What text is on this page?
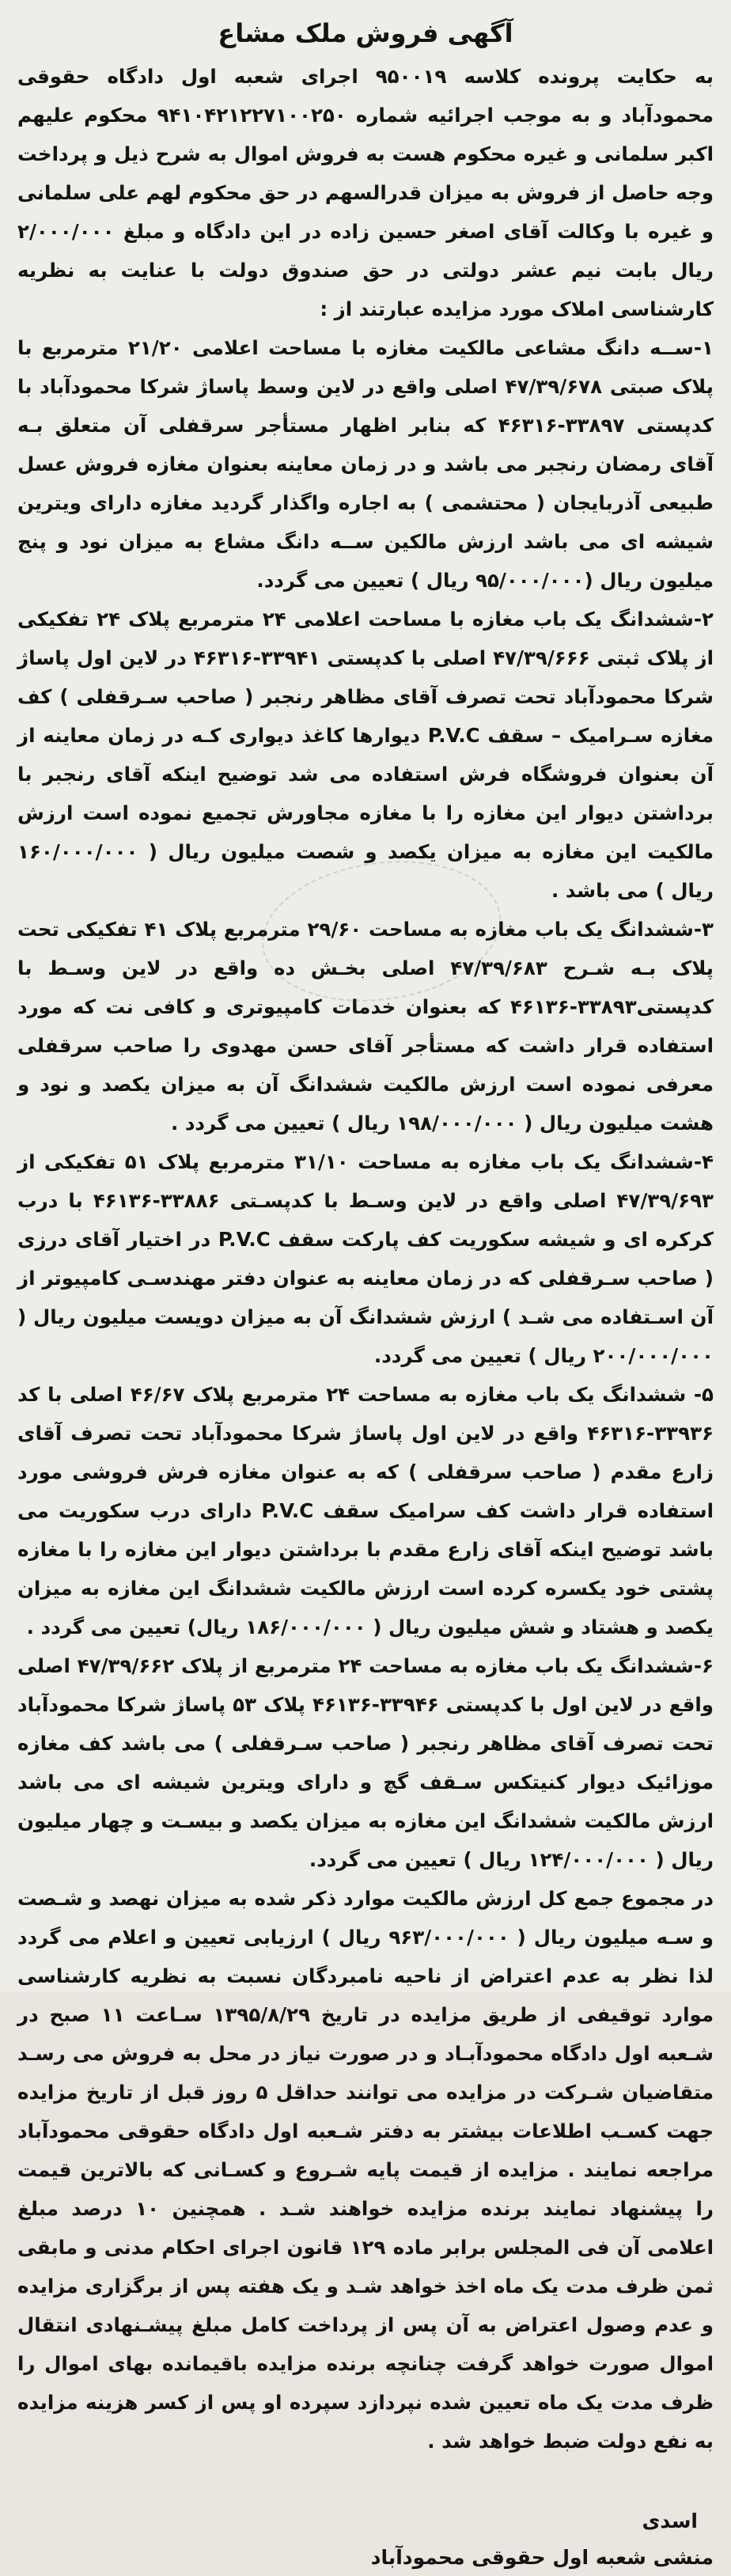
آگهی فروش ملک مشاع

به حکایت پرونده کلاسه ۹۵۰۰۱۹ اجرای شعبه اول دادگاه حقوقی محمودآباد و به موجب اجرائیه شماره ۹۴۱۰۴۲۱۲۲۷۱۰۰۲۵۰ محکوم علیهم اکبر سلمانی و غیره محکوم هست به فروش اموال به شرح ذیل و پرداخت وجه حاصل از فروش به میزان قدرالسهم در حق محکوم لهم علی سلمانی و غیره با وکالت آقای اصغر حسین زاده در این دادگاه و مبلغ ۲/۰۰۰/۰۰۰ ریال بابت نیم عشر دولتی در حق صندوق دولت با عنایت به نظریه کارشناسی املاک مورد مزایده عبارتند از :

۱-ســه دانگ مشاعی مالکیت مغازه با مساحت اعلامی ۲۱/۲۰ مترمربع با پلاک صبتی ۴۷/۳۹/۶۷۸ اصلی واقع در لاین وسط پاساژ شرکا محمودآباد با کدپستی ۳۳۸۹۷-۴۶۳۱۶ که بنابر اظهار مستأجر سرقفلی آن متعلق بـه آقای رمضان رنجبر می باشد و در زمان معاینه بعنوان مغازه فروش عسل طبیعی آذربایجان ( محتشمی ) به اجاره واگذار گردید مغازه دارای ویترین شیشه ای می باشد ارزش مالکین ســه دانگ مشاع به میزان نود و پنج میلیون ریال (۹۵/۰۰۰/۰۰۰ ریال ) تعیین می گردد.

۲-ششدانگ یک باب مغازه با مساحت اعلامی ۲۴ مترمربع پلاک ۲۴ تفکیکی از پلاک ثبتی ۴۷/۳۹/۶۶۶ اصلی با کدپستی ۳۳۹۴۱-۴۶۳۱۶ در لاین اول پاساژ شرکا محمودآباد تحت تصرف آقای مظاهر رنجبر ( صاحب سـرقفلی ) کف مغازه سـرامیک – سقف P.V.C دیوارها کاغذ دیواری کـه در زمان معاینه از آن بعنوان فروشگاه فرش استفاده می شد توضیح اینکه آقای رنجبر با برداشتن دیوار این مغازه را با مغازه مجاورش تجمیع نموده است ارزش مالکیت این مغازه به میزان یکصد و شصت میلیون ریال ( ۱۶۰/۰۰۰/۰۰۰ ریال ) می باشد .

۳-ششدانگ یک باب مغازه به مساحت ۲۹/۶۰ مترمربع پلاک ۴۱ تفکیکی تحت پلاک بـه شـرح ۴۷/۳۹/۶۸۳ اصلی بخـش ده واقع در لاین وسـط با کدپستی۳۳۸۹۳-۴۶۱۳۶ که بعنوان خدمات کامپیوتری و کافی نت که مورد استفاده قرار داشت که مستأجر آقای حسن مهدوی را صاحب سرقفلی معرفی نموده است ارزش مالکیت ششدانگ آن به میزان یکصد و نود و هشت میلیون ریال ( ۱۹۸/۰۰۰/۰۰۰ ریال ) تعیین می گردد .

۴-ششدانگ یک باب مغازه به مساحت ۳۱/۱۰ مترمربع پلاک ۵۱ تفکیکی از ۴۷/۳۹/۶۹۳ اصلی واقع در لاین وسـط با کدپسـتی ۳۳۸۸۶-۴۶۱۳۶ با درب کرکره ای و شیشه سکوریت کف پارکت سقف P.V.C در اختیار آقای درزی ( صاحب سـرقفلی که در زمان معاینه به عنوان دفتر مهندسـی کامپیوتر از آن اسـتفاده می شـد ) ارزش ششدانگ آن به میزان دویست میلیون ریال ( ۲۰۰/۰۰۰/۰۰۰ ریال ) تعیین می گردد.

۵- ششدانگ یک باب مغازه به مساحت ۲۴ مترمربع پلاک ۴۶/۶۷ اصلی با کد ۳۳۹۳۶-۴۶۳۱۶ واقع در لاین اول پاساژ شرکا محمودآباد تحت تصرف آقای زارع مقدم ( صاحب سرقفلی ) که به عنوان مغازه فرش فروشی مورد استفاده قرار داشت کف سرامیک سقف P.V.C دارای درب سکوریت می باشد توضیح اینکه آقای زارع مقدم با برداشتن دیوار این مغازه را با مغازه پشتی خود یکسره کرده است ارزش مالکیت ششدانگ این مغازه به میزان یکصد و هشتاد و شش میلیون ریال ( ۱۸۶/۰۰۰/۰۰۰ ریال) تعیین می گردد .

۶-ششدانگ یک باب مغازه به مساحت ۲۴ مترمربع از پلاک ۴۷/۳۹/۶۶۲ اصلی واقع در لاین اول با کدپستی ۳۳۹۴۶-۴۶۱۳۶ پلاک ۵۳ پاساژ شرکا محمودآباد تحت تصرف آقای مظاهر رنجبر ( صاحب سـرقفلی ) می باشد کف مغازه موزائیک دیوار کنیتکس سـقف گچ و دارای ویترین شیشه ای می باشد ارزش مالکیت ششدانگ این مغازه به میزان یکصد و بیسـت و چهار میلیون ریال ( ۱۲۴/۰۰۰/۰۰۰ ریال ) تعیین می گردد.

در مجموع جمع کل ارزش مالکیت موارد ذکر شده به میزان نهصد و شـصت و سـه میلیون ریال ( ۹۶۳/۰۰۰/۰۰۰ ریال ) ارزیابی تعیین و اعلام می گردد لذا نظر به عدم اعتراض از ناحیه نامبردگان نسبت به نظریه کارشناسی موارد توقیفی از طریق مزایده در تاریخ ۱۳۹۵/۸/۲۹ سـاعت ۱۱ صبح در شـعبه اول دادگاه محمودآبـاد و در صورت نیاز در محل به فروش می رسـد متقاضیان شـرکت در مزایده می توانند حداقل ۵ روز قبل از تاریخ مزایده جهت کسـب اطلاعات بیشتر به دفتر شـعبه اول دادگاه حقوقی محمودآباد مراجعه نمایند . مزایده از قیمت پایه شـروع و کسـانی که بالاترین قیمت را پیشنهاد نمایند برنده مزایده خواهند شـد . همچنین ۱۰ درصد مبلغ اعلامی آن فی المجلس برابر ماده ۱۲۹ قانون اجرای احکام مدنی و مابقی ثمن ظرف مدت یک ماه اخذ خواهد شـد و یک هفته پس از برگزاری مزایده و عدم وصول اعتراض به آن پس از پرداخت کامل مبلغ پیشـنهادی انتقال اموال صورت خواهد گرفت چنانچه برنده مزایده باقیمانده بهای اموال را ظرف مدت یک ماه تعیین شده نپردازد سپرده او پس از کسر هزینه مزایده به نفع دولت ضبط خواهد شد .

اسدی
منشی شعبه اول حقوقی محمودآباد
